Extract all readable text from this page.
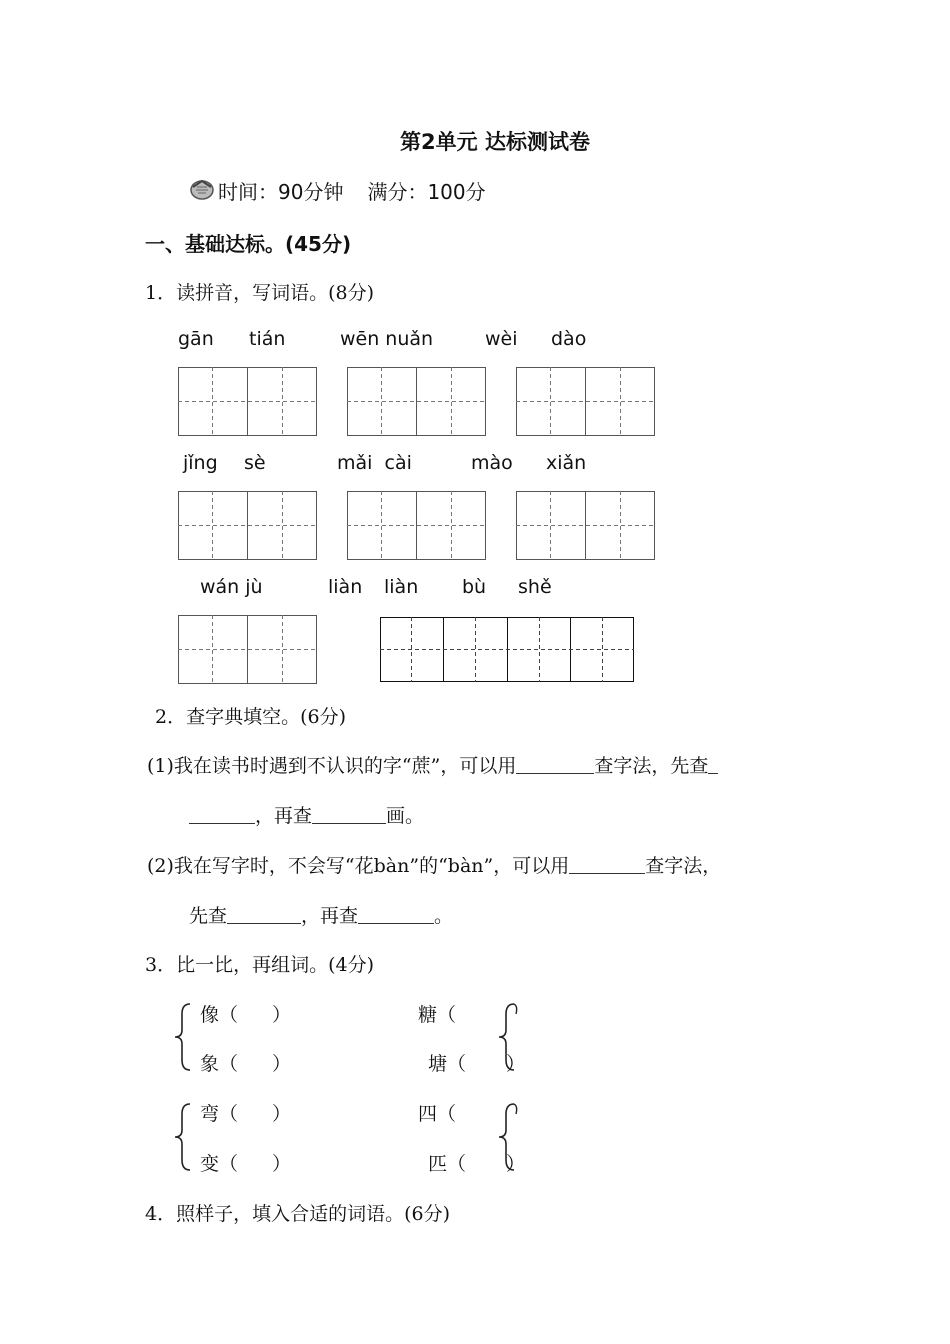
第2单元 达标测试卷
时间：90分钟 满分：100分
一、基础达标。(45分)
1．读拼音，写词语。(8分)
gān tián	wēn nuǎn	wèi dào
jǐng sè	mǎi  cài	mào xiǎn
wán jù	liàn liàn bù shě
2．查字典填空。(6分)
(1)我在读书时遇到不认识的字“蔗”，可以用	查字法，先查
，再查	画。
(2)我在写字时，不会写“花bàn”的“bàn”，可以用	查字法，
先查	，再查	。
3．比一比，再组词。(4分)
像（ ）
象（ ）
糖（
塘（ ）
弯（ ）
变（ ）
四（
匹（ ）
4．照样子，填入合适的词语。(6分)
